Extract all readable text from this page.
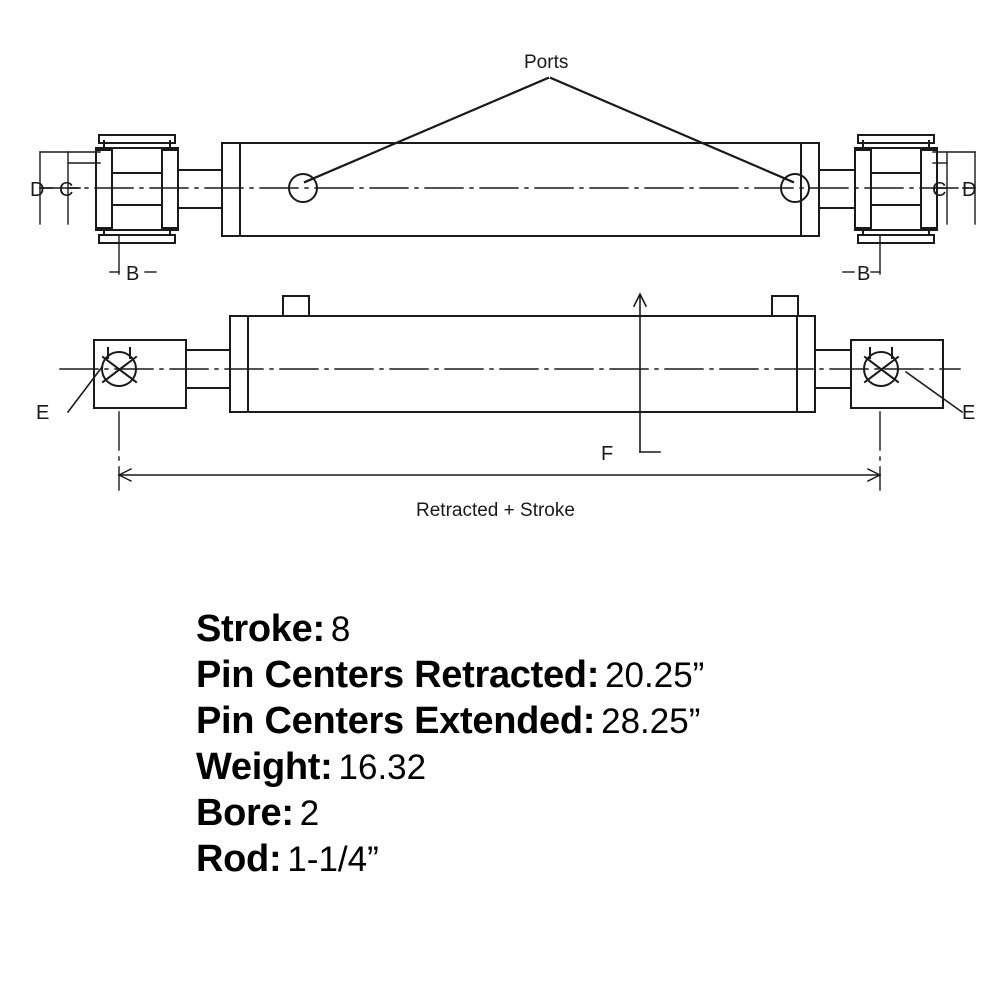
Ports
D C	C D
B	B
E	E
F
Retracted + Stroke
Stroke: 8
Pin Centers Retracted: 20.25”
Pin Centers Extended: 28.25”
Weight: 16.32
Bore: 2
Rod: 1-1/4”
